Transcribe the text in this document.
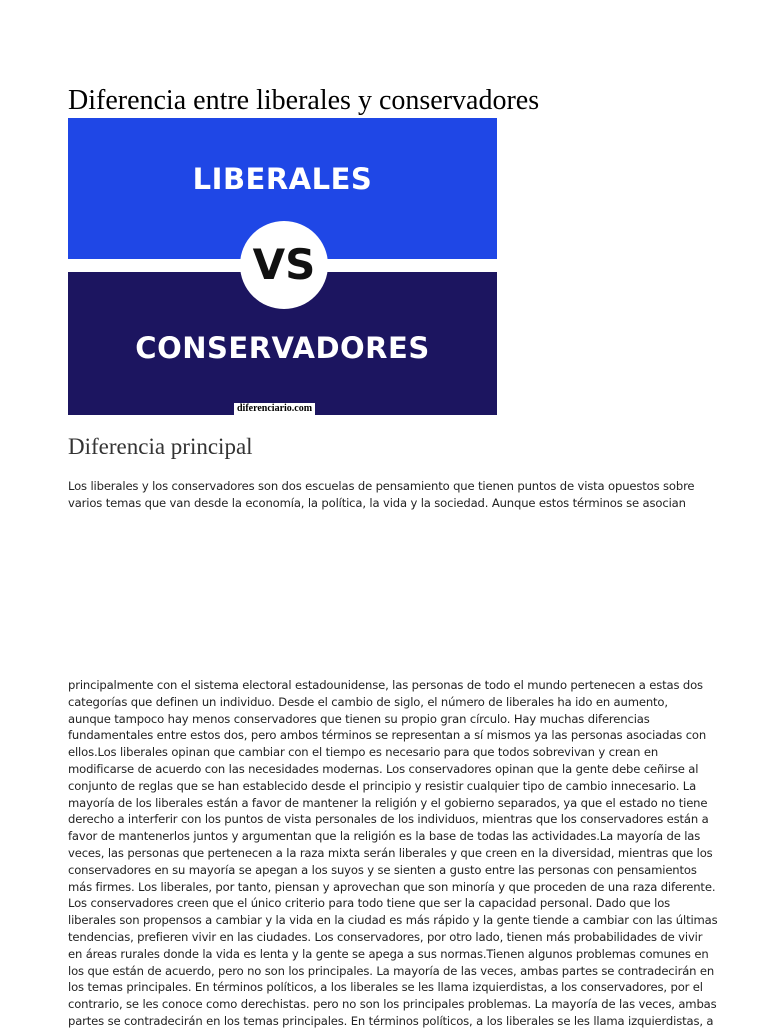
Diferencia entre liberales y conservadores
LIBERALES
CONSERVADORES
VS
diferenciario.com
Diferencia principal

Los liberales y los conservadores son dos escuelas de pensamiento que tienen puntos de vista opuestos sobre
varios temas que van desde la economía, la política, la vida y la sociedad. Aunque estos términos se asocian

principalmente con el sistema electoral estadounidense, las personas de todo el mundo pertenecen a estas dos
categorías que definen un individuo. Desde el cambio de siglo, el número de liberales ha ido en aumento,
aunque tampoco hay menos conservadores que tienen su propio gran círculo. Hay muchas diferencias
fundamentales entre estos dos, pero ambos términos se representan a sí mismos ya las personas asociadas con
ellos.Los liberales opinan que cambiar con el tiempo es necesario para que todos sobrevivan y crean en
modificarse de acuerdo con las necesidades modernas. Los conservadores opinan que la gente debe ceñirse al
conjunto de reglas que se han establecido desde el principio y resistir cualquier tipo de cambio innecesario. La
mayoría de los liberales están a favor de mantener la religión y el gobierno separados, ya que el estado no tiene
derecho a interferir con los puntos de vista personales de los individuos, mientras que los conservadores están a
favor de mantenerlos juntos y argumentan que la religión es la base de todas las actividades.La mayoría de las
veces, las personas que pertenecen a la raza mixta serán liberales y que creen en la diversidad, mientras que los
conservadores en su mayoría se apegan a los suyos y se sienten a gusto entre las personas con pensamientos
más firmes. Los liberales, por tanto, piensan y aprovechan que son minoría y que proceden de una raza diferente.
Los conservadores creen que el único criterio para todo tiene que ser la capacidad personal. Dado que los
liberales son propensos a cambiar y la vida en la ciudad es más rápido y la gente tiende a cambiar con las últimas
tendencias, prefieren vivir en las ciudades. Los conservadores, por otro lado, tienen más probabilidades de vivir
en áreas rurales donde la vida es lenta y la gente se apega a sus normas.Tienen algunos problemas comunes en
los que están de acuerdo, pero no son los principales. La mayoría de las veces, ambas partes se contradecirán en
los temas principales. En términos políticos, a los liberales se les llama izquierdistas, a los conservadores, por el
contrario, se les conoce como derechistas. pero no son los principales problemas. La mayoría de las veces, ambas
partes se contradecirán en los temas principales. En términos políticos, a los liberales se les llama izquierdistas, a
